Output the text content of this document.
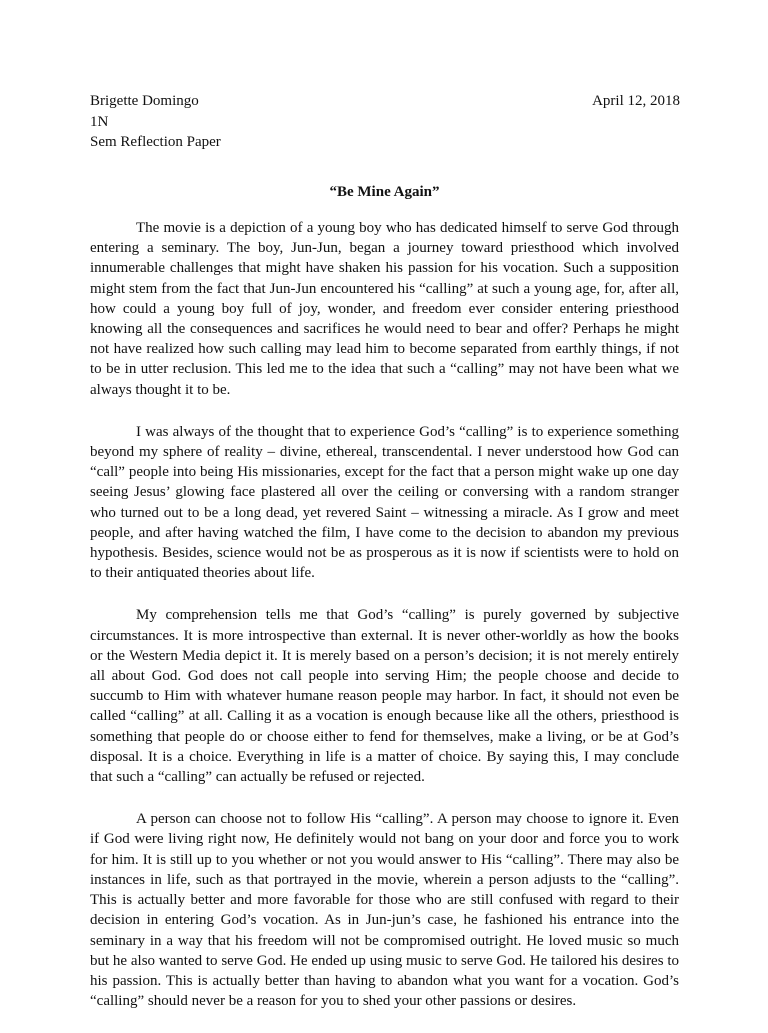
Brigette Domingo
1N
Sem Reflection Paper
April 12, 2018
“Be Mine Again”

The movie is a depiction of a young boy who has dedicated himself to serve God through entering a seminary. The boy, Jun-Jun, began a journey toward priesthood which involved innumerable challenges that might have shaken his passion for his vocation. Such a supposition might stem from the fact that Jun-Jun encountered his “calling” at such a young age, for, after all, how could a young boy full of joy, wonder, and freedom ever consider entering priesthood knowing all the consequences and sacrifices he would need to bear and offer? Perhaps he might not have realized how such calling may lead him to become separated from earthly things, if not to be in utter reclusion. This led me to the idea that such a “calling” may not have been what we always thought it to be.

I was always of the thought that to experience God’s “calling” is to experience something beyond my sphere of reality – divine, ethereal, transcendental. I never understood how God can “call” people into being His missionaries, except for the fact that a person might wake up one day seeing Jesus’ glowing face plastered all over the ceiling or conversing with a random stranger who turned out to be a long dead, yet revered Saint – witnessing a miracle. As I grow and meet people, and after having watched the film, I have come to the decision to abandon my previous hypothesis. Besides, science would not be as prosperous as it is now if scientists were to hold on to their antiquated theories about life.

My comprehension tells me that God’s “calling” is purely governed by subjective circumstances. It is more introspective than external. It is never other-worldly as how the books or the Western Media depict it. It is merely based on a person’s decision; it is not merely entirely all about God. God does not call people into serving Him; the people choose and decide to succumb to Him with whatever humane reason people may harbor. In fact, it should not even be called “calling” at all. Calling it as a vocation is enough because like all the others, priesthood is something that people do or choose either to fend for themselves, make a living, or be at God’s disposal. It is a choice. Everything in life is a matter of choice. By saying this, I may conclude that such a “calling” can actually be refused or rejected.

A person can choose not to follow His “calling”. A person may choose to ignore it. Even if God were living right now, He definitely would not bang on your door and force you to work for him. It is still up to you whether or not you would answer to His “calling”. There may also be instances in life, such as that portrayed in the movie, wherein a person adjusts to the “calling”. This is actually better and more favorable for those who are still confused with regard to their decision in entering God’s vocation. As in Jun-jun’s case, he fashioned his entrance into the seminary in a way that his freedom will not be compromised outright. He loved music so much but he also wanted to serve God. He ended up using music to serve God. He tailored his desires to his passion. This is actually better than having to abandon what you want for a vocation. God’s “calling” should never be a reason for you to shed your other passions or desires.
